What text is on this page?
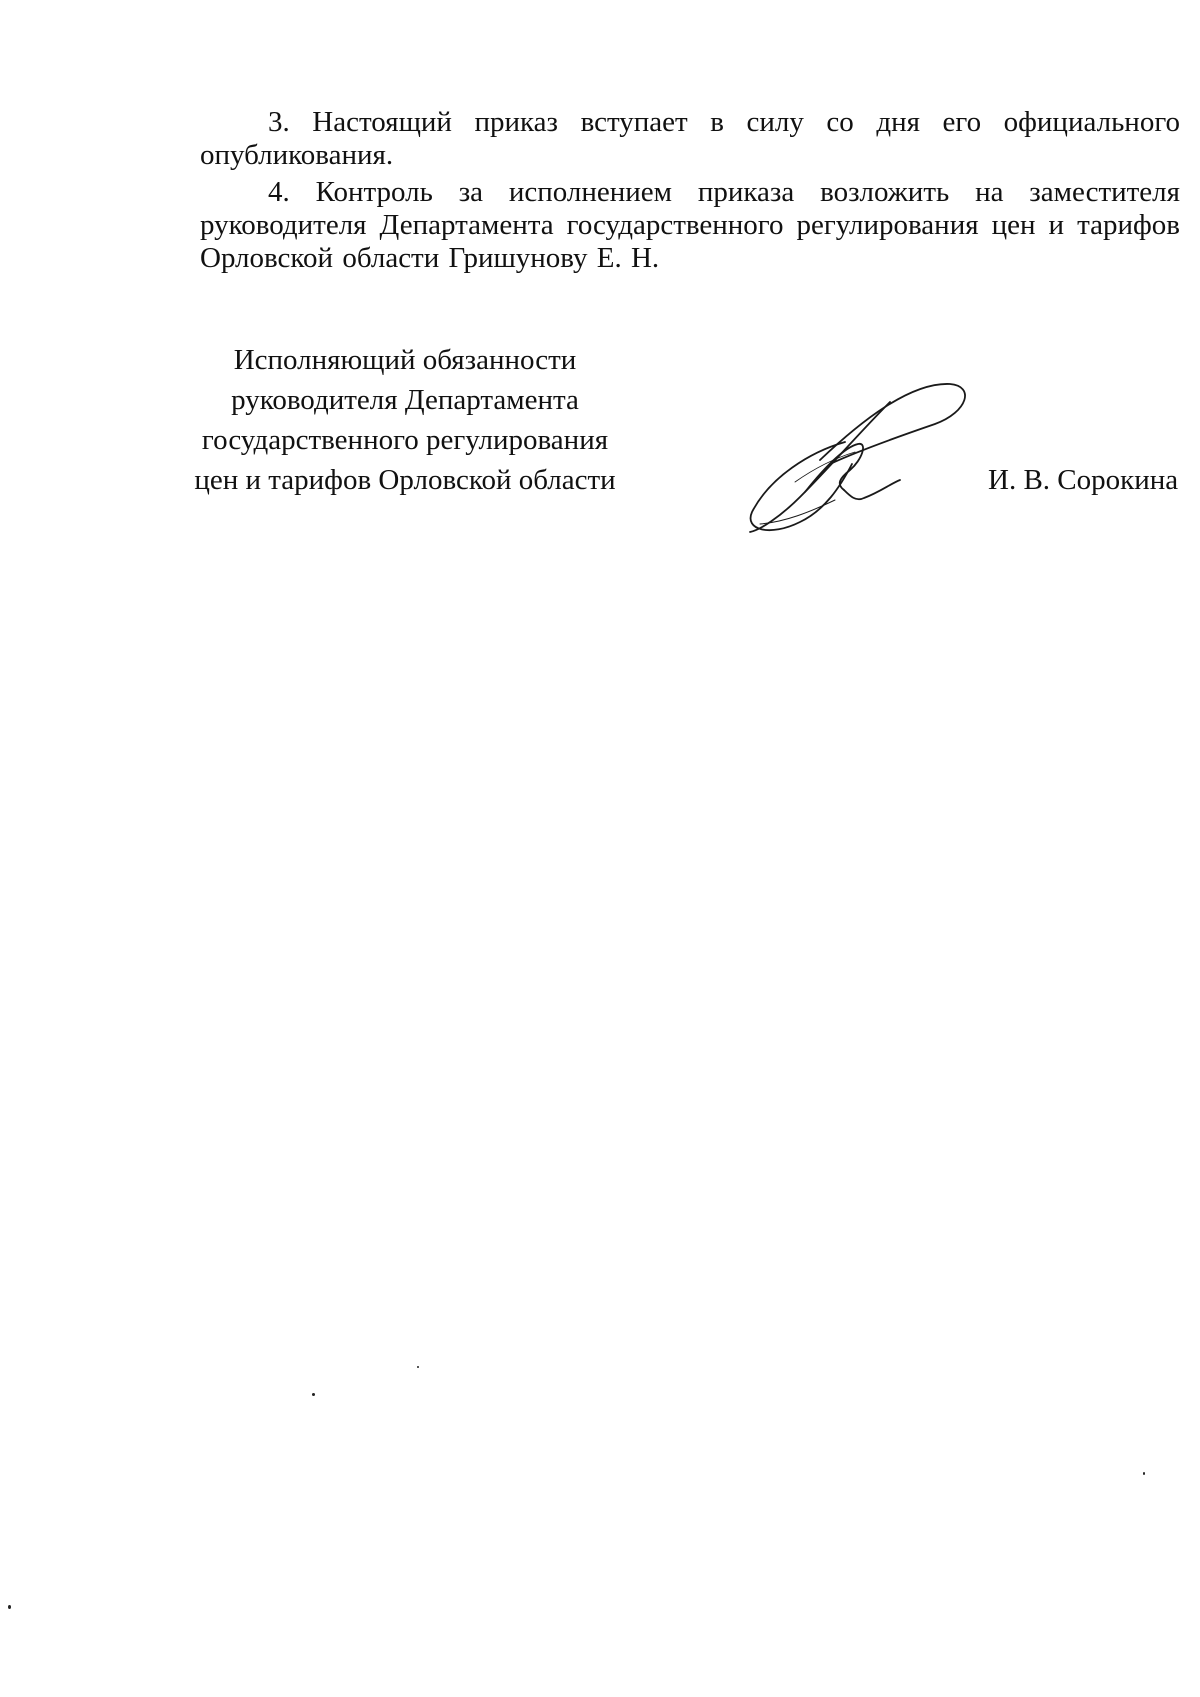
3. Настоящий приказ вступает в силу со дня его официального опубликования.

4. Контроль за исполнением приказа возложить на заместителя руководителя Департамента государственного регулирования цен и тарифов Орловской области Гришунову Е. Н.

Исполняющий обязанности
руководителя Департамента
государственного регулирования
цен и тарифов Орловской области	И. В. Сорокина
